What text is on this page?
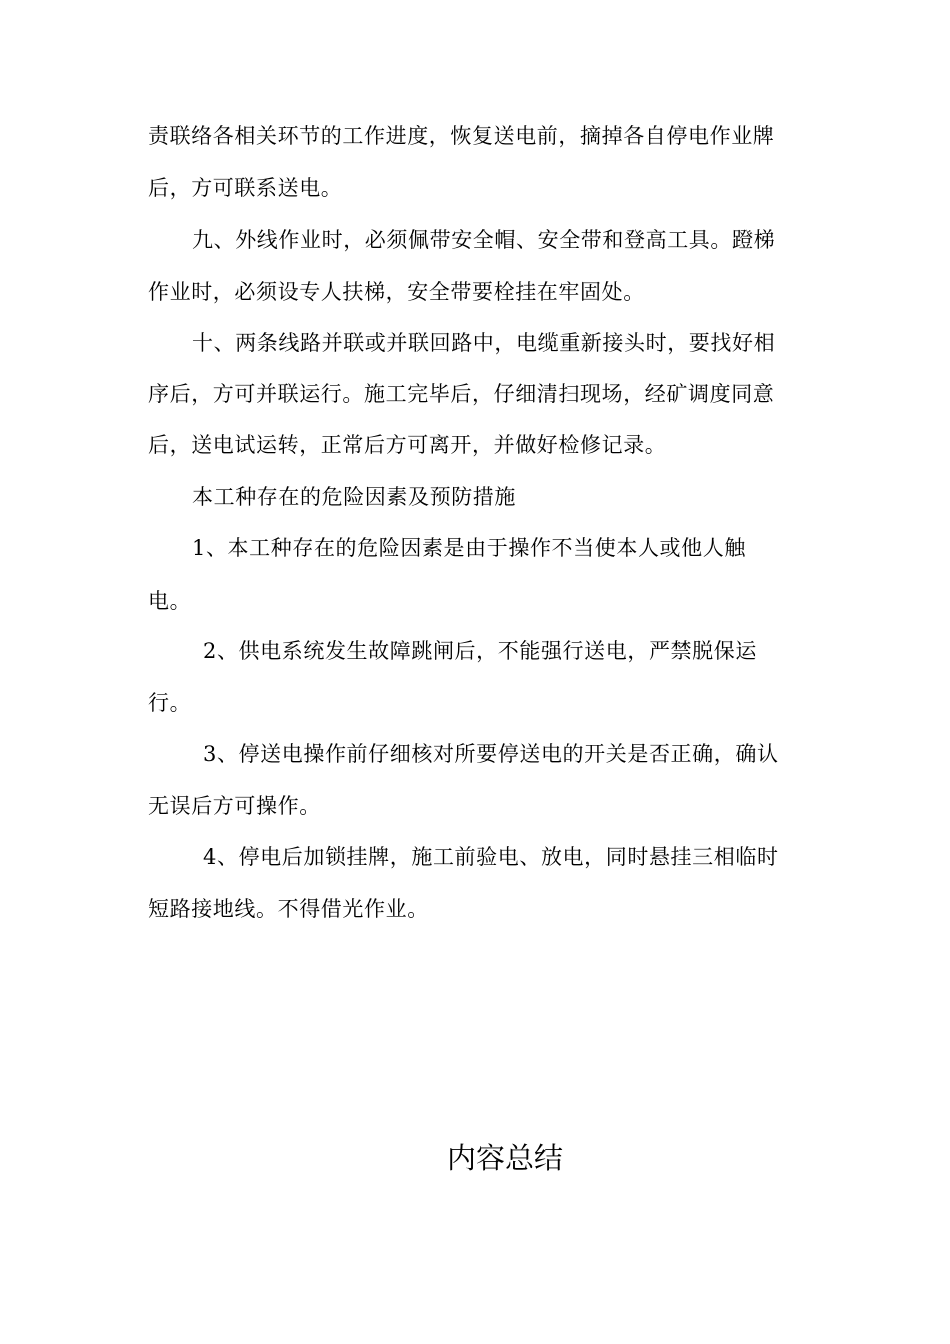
责联络各相关环节的工作进度，恢复送电前，摘掉各自停电作业牌
后，方可联系送电。
九、外线作业时，必须佩带安全帽、安全带和登高工具。蹬梯
作业时，必须设专人扶梯，安全带要栓挂在牢固处。
十、两条线路并联或并联回路中，电缆重新接头时，要找好相
序后，方可并联运行。施工完毕后，仔细清扫现场，经矿调度同意
后，送电试运转，正常后方可离开，并做好检修记录。
本工种存在的危险因素及预防措施
1、本工种存在的危险因素是由于操作不当使本人或他人触
电。
2、供电系统发生故障跳闸后，不能强行送电，严禁脱保运
行。
3、停送电操作前仔细核对所要停送电的开关是否正确，确认
无误后方可操作。
4、停电后加锁挂牌，施工前验电、放电，同时悬挂三相临时
短路接地线。不得借光作业。
内容总结
